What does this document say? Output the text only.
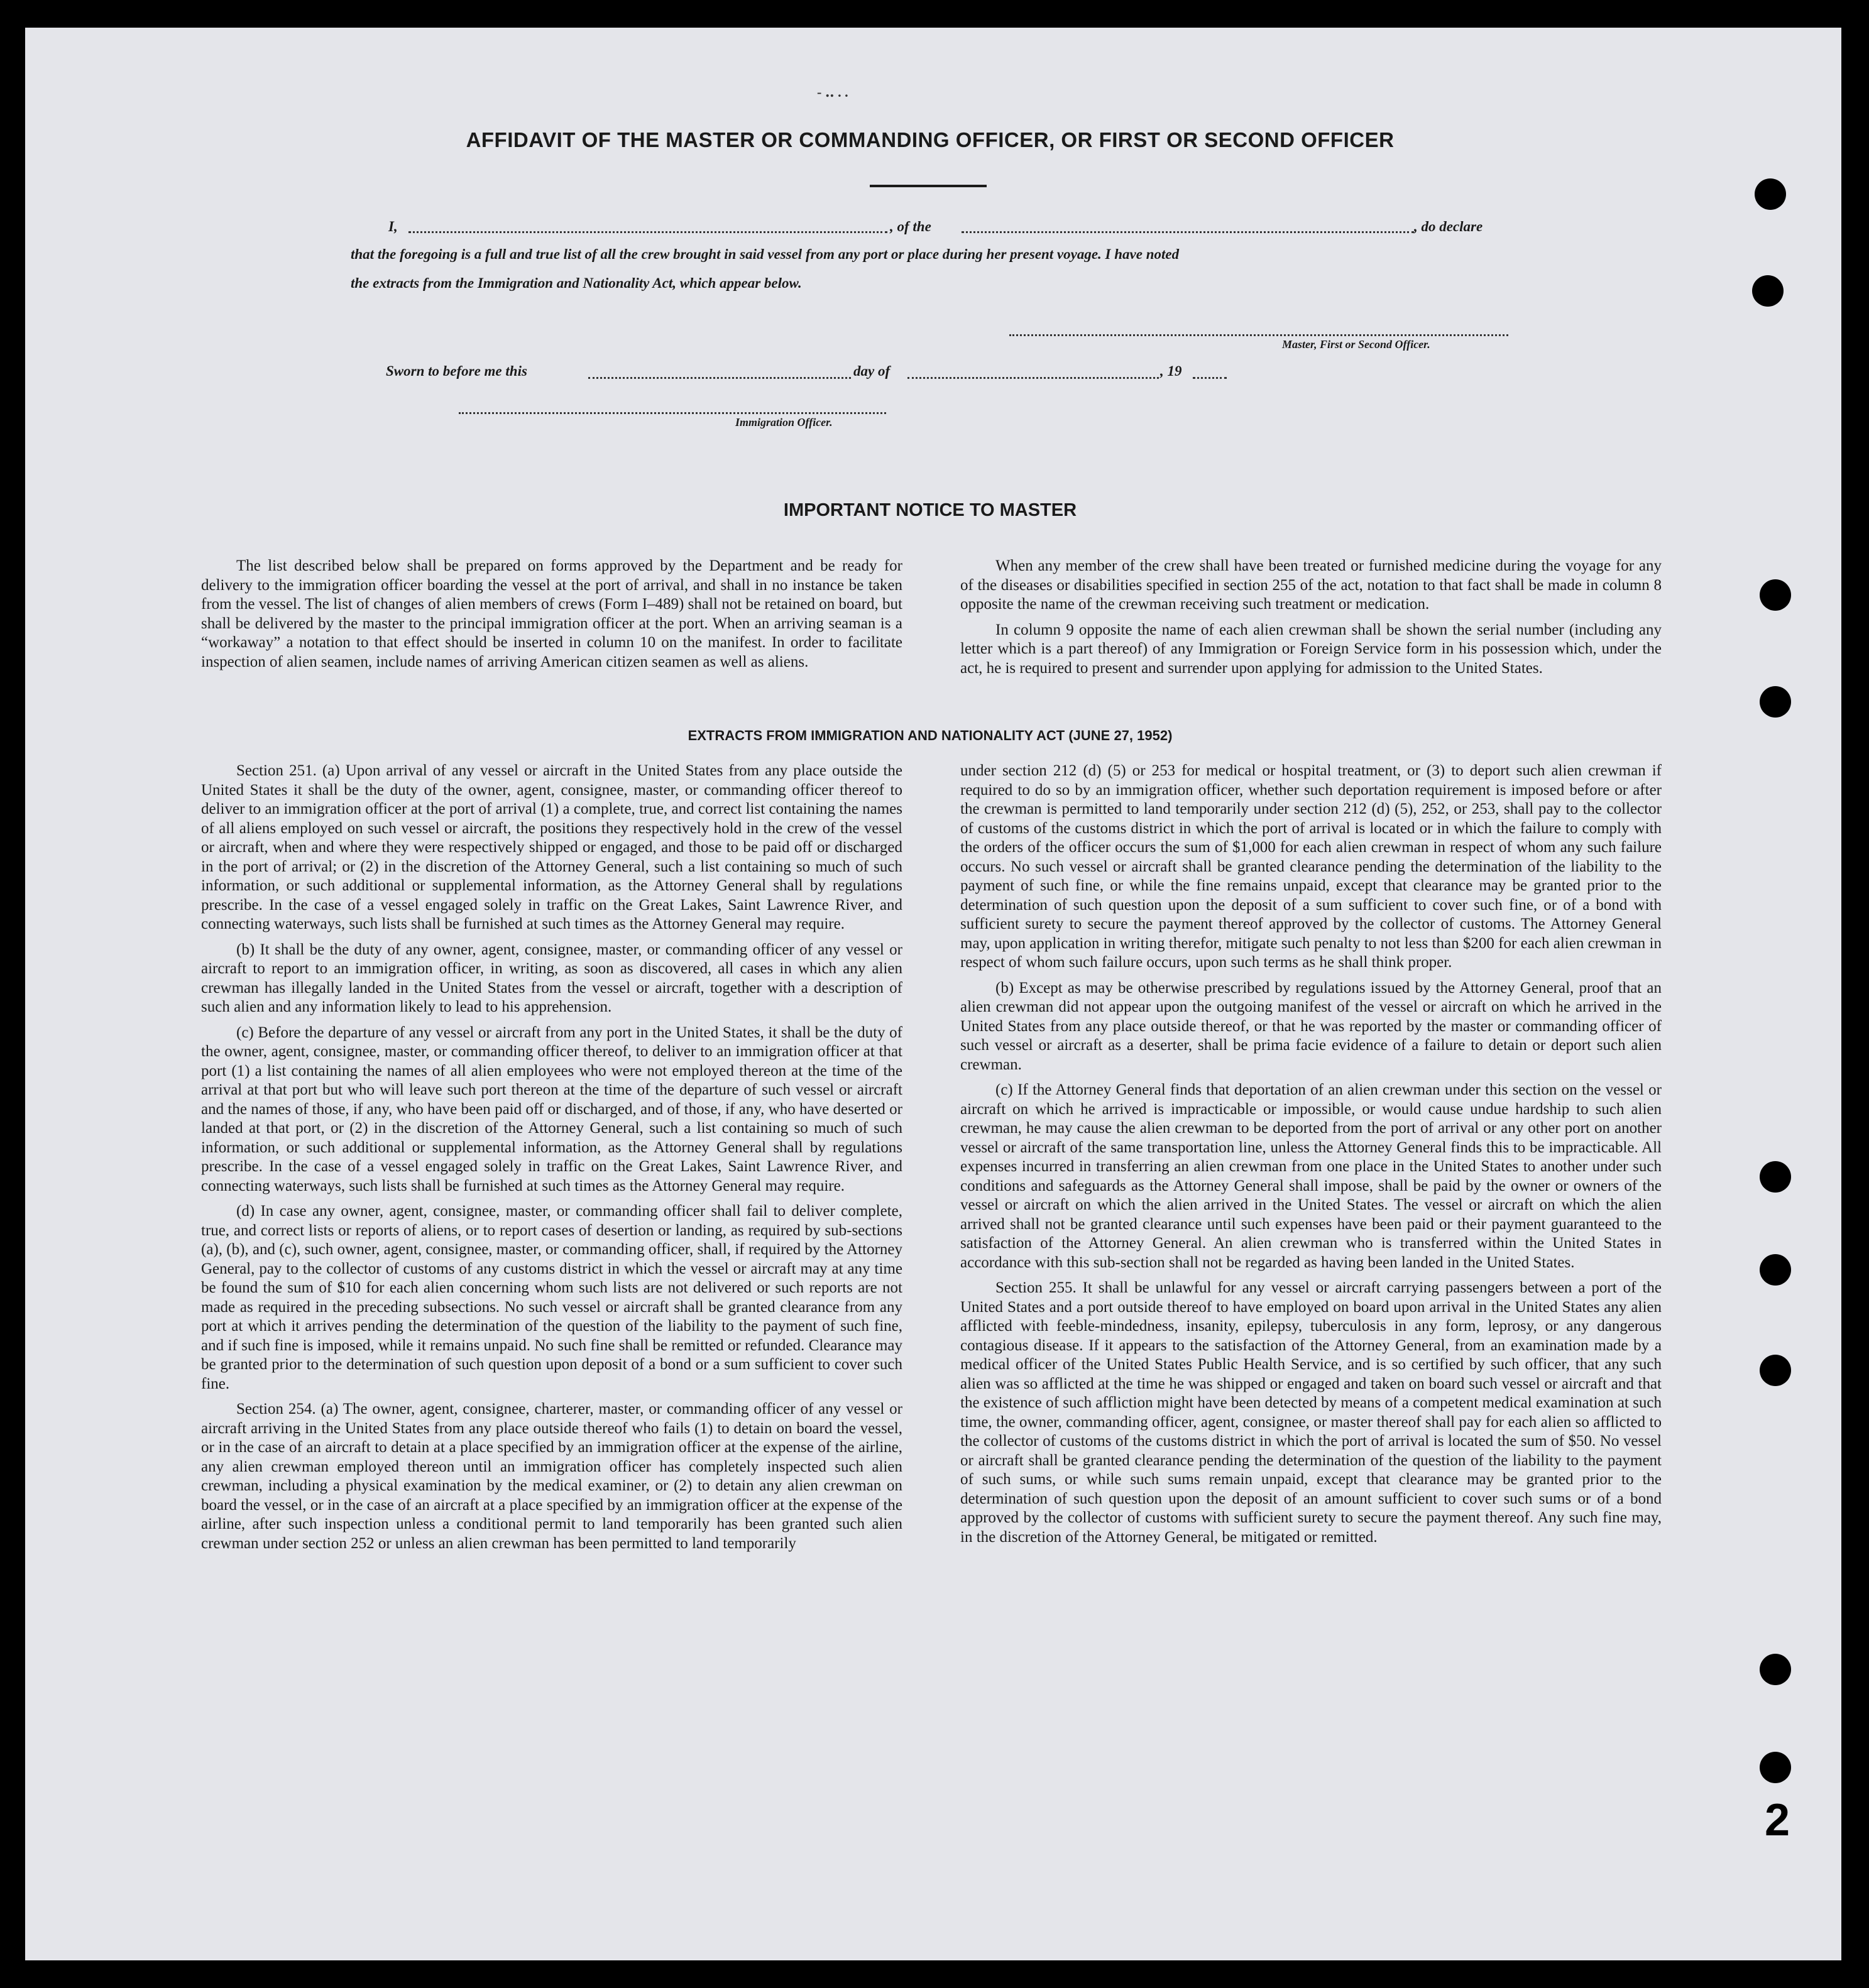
2
- ‥ . .
AFFIDAVIT OF THE MASTER OR COMMANDING OFFICER, OR FIRST OR SECOND OFFICER
I,	, of the	, do declare
that the foregoing is a full and true list of all the crew brought in said vessel from any port or place during her present voyage. I have noted
the extracts from the Immigration and Nationality Act, which appear below.
Master, First or Second Officer.
Sworn to before me this	day of	, 19
Immigration Officer.
IMPORTANT NOTICE TO MASTER

The list described below shall be prepared on forms approved by the Department and be ready for delivery to the immigration officer boarding the vessel at the port of arrival, and shall in no instance be taken from the vessel. The list of changes of alien members of crews (Form I–489) shall not be retained on board, but shall be delivered by the master to the principal immigration officer at the port. When an arriving seaman is a “workaway” a notation to that effect should be inserted in column 10 on the manifest. In order to facilitate inspection of alien seamen, include names of arriving American citizen seamen as well as aliens.

When any member of the crew shall have been treated or furnished medicine during the voyage for any of the diseases or disabilities specified in section 255 of the act, notation to that fact shall be made in column 8 opposite the name of the crewman receiving such treatment or medication.

In column 9 opposite the name of each alien crewman shall be shown the serial number (including any letter which is a part thereof) of any Immigration or Foreign Service form in his possession which, under the act, he is required to present and surrender upon applying for admission to the United States.

EXTRACTS FROM IMMIGRATION AND NATIONALITY ACT (JUNE 27, 1952)

Section 251. (a) Upon arrival of any vessel or aircraft in the United States from any place outside the United States it shall be the duty of the owner, agent, consignee, master, or commanding officer thereof to deliver to an immigration officer at the port of arrival (1) a complete, true, and correct list containing the names of all aliens employed on such vessel or aircraft, the positions they respectively hold in the crew of the vessel or aircraft, when and where they were respectively shipped or engaged, and those to be paid off or discharged in the port of arrival; or (2) in the discretion of the Attorney General, such a list containing so much of such information, or such additional or supplemental information, as the Attorney General shall by regulations prescribe. In the case of a vessel engaged solely in traffic on the Great Lakes, Saint Lawrence River, and connecting waterways, such lists shall be furnished at such times as the Attorney General may require.

(b) It shall be the duty of any owner, agent, consignee, master, or commanding officer of any vessel or aircraft to report to an immigration officer, in writing, as soon as discovered, all cases in which any alien crewman has illegally landed in the United States from the vessel or aircraft, together with a description of such alien and any information likely to lead to his apprehension.

(c) Before the departure of any vessel or aircraft from any port in the United States, it shall be the duty of the owner, agent, consignee, master, or commanding officer thereof, to deliver to an immigration officer at that port (1) a list containing the names of all alien employees who were not employed thereon at the time of the arrival at that port but who will leave such port thereon at the time of the departure of such vessel or aircraft and the names of those, if any, who have been paid off or discharged, and of those, if any, who have deserted or landed at that port, or (2) in the discretion of the Attorney General, such a list containing so much of such information, or such additional or supplemental information, as the Attorney General shall by regulations prescribe. In the case of a vessel engaged solely in traffic on the Great Lakes, Saint Lawrence River, and connecting waterways, such lists shall be furnished at such times as the Attorney General may require.

(d) In case any owner, agent, consignee, master, or commanding officer shall fail to deliver complete, true, and correct lists or reports of aliens, or to report cases of desertion or landing, as required by sub-sections (a), (b), and (c), such owner, agent, consignee, master, or commanding officer, shall, if required by the Attorney General, pay to the collector of customs of any customs district in which the vessel or aircraft may at any time be found the sum of $10 for each alien concerning whom such lists are not delivered or such reports are not made as required in the preceding subsections. No such vessel or aircraft shall be granted clearance from any port at which it arrives pending the determination of the question of the liability to the payment of such fine, and if such fine is imposed, while it remains unpaid. No such fine shall be remitted or refunded. Clearance may be granted prior to the determination of such question upon deposit of a bond or a sum sufficient to cover such fine.

Section 254. (a) The owner, agent, consignee, charterer, master, or commanding officer of any vessel or aircraft arriving in the United States from any place outside thereof who fails (1) to detain on board the vessel, or in the case of an aircraft to detain at a place specified by an immigration officer at the expense of the airline, any alien crewman employed thereon until an immigration officer has completely inspected such alien crewman, including a physical examination by the medical examiner, or (2) to detain any alien crewman on board the vessel, or in the case of an aircraft at a place specified by an immigration officer at the expense of the airline, after such inspection unless a conditional permit to land temporarily has been granted such alien crewman under section 252 or unless an alien crewman has been permitted to land temporarily

under section 212 (d) (5) or 253 for medical or hospital treatment, or (3) to deport such alien crewman if required to do so by an immigration officer, whether such deportation requirement is imposed before or after the crewman is permitted to land temporarily under section 212 (d) (5), 252, or 253, shall pay to the collector of customs of the customs district in which the port of arrival is located or in which the failure to comply with the orders of the officer occurs the sum of $1,000 for each alien crewman in respect of whom any such failure occurs. No such vessel or aircraft shall be granted clearance pending the determination of the liability to the payment of such fine, or while the fine remains unpaid, except that clearance may be granted prior to the determination of such question upon the deposit of a sum sufficient to cover such fine, or of a bond with sufficient surety to secure the payment thereof approved by the collector of customs. The Attorney General may, upon application in writing therefor, mitigate such penalty to not less than $200 for each alien crewman in respect of whom such failure occurs, upon such terms as he shall think proper.

(b) Except as may be otherwise prescribed by regulations issued by the Attorney General, proof that an alien crewman did not appear upon the outgoing manifest of the vessel or aircraft on which he arrived in the United States from any place outside thereof, or that he was reported by the master or commanding officer of such vessel or aircraft as a deserter, shall be prima facie evidence of a failure to detain or deport such alien crewman.

(c) If the Attorney General finds that deportation of an alien crewman under this section on the vessel or aircraft on which he arrived is impracticable or impossible, or would cause undue hardship to such alien crewman, he may cause the alien crewman to be deported from the port of arrival or any other port on another vessel or aircraft of the same transportation line, unless the Attorney General finds this to be impracticable. All expenses incurred in transferring an alien crewman from one place in the United States to another under such conditions and safeguards as the Attorney General shall impose, shall be paid by the owner or owners of the vessel or aircraft on which the alien arrived in the United States. The vessel or aircraft on which the alien arrived shall not be granted clearance until such expenses have been paid or their payment guaranteed to the satisfaction of the Attorney General. An alien crewman who is transferred within the United States in accordance with this sub-section shall not be regarded as having been landed in the United States.

Section 255. It shall be unlawful for any vessel or aircraft carrying passengers between a port of the United States and a port outside thereof to have employed on board upon arrival in the United States any alien afflicted with feeble-mindedness, insanity, epilepsy, tuberculosis in any form, leprosy, or any dangerous contagious disease. If it appears to the satisfaction of the Attorney General, from an examination made by a medical officer of the United States Public Health Service, and is so certified by such officer, that any such alien was so afflicted at the time he was shipped or engaged and taken on board such vessel or aircraft and that the existence of such affliction might have been detected by means of a competent medical examination at such time, the owner, commanding officer, agent, consignee, or master thereof shall pay for each alien so afflicted to the collector of customs of the customs district in which the port of arrival is located the sum of $50. No vessel or aircraft shall be granted clearance pending the determination of the question of the liability to the payment of such sums, or while such sums remain unpaid, except that clearance may be granted prior to the determination of such question upon the deposit of an amount sufficient to cover such sums or of a bond approved by the collector of customs with sufficient surety to secure the payment thereof. Any such fine may, in the discretion of the Attorney General, be mitigated or remitted.
